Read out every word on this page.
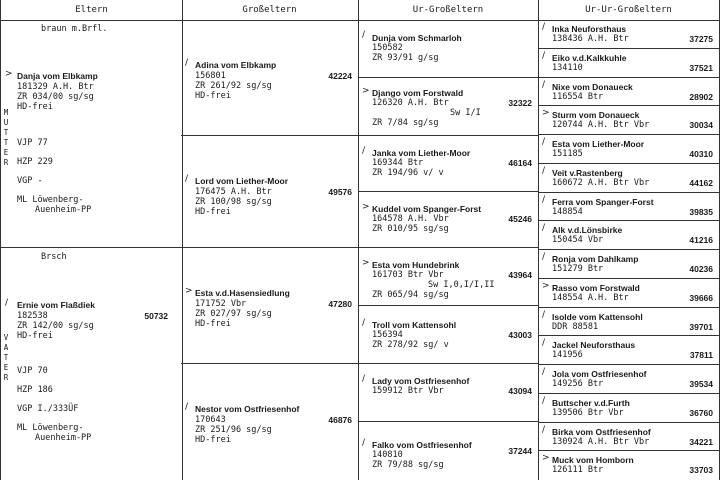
Eltern
M
U
T
T
E
R
braun m.Brfl.
> Danja vom Elbkamp
181329 A.H. Btr
ZR 034/00 sg/sg
HD-frei
VJP 77
HZP 229
VGP -
ML Löwenberg-
Auenheim-PP
V
A
T
E
R
Brsch
/ Ernie vom Flaßdiek
182538	50732
ZR 142/00 sg/sg
HD-frei
VJP 70
HZP 186
VGP I./333ÜF
ML Löwenberg-
Auenheim-PP
Großeltern
/ Adina vom Elbkamp
156801	42224
ZR 261/92 sg/sg
HD-frei
/ Lord vom Liether-Moor
176475 A.H. Btr	49576
ZR 100/98 sg/sg
HD-frei
> Esta v.d.Hasensiedlung
171752 Vbr	47280
ZR 027/97 sg/sg
HD-frei
/ Nestor vom Ostfriesenhof
170643	46876
ZR 251/96 sg/sg
HD-frei
Ur-Großeltern
/ Dunja vom Schmarloh
150582
ZR 93/91 g/sg
> Django vom Forstwald
126320 A.H. Btr	32322
Sw I/I
ZR 7/84 sg/sg
/ Janka vom Liether-Moor
169344 Btr	46164
ZR 194/96 v/ v
> Kuddel vom Spanger-Forst
164578 A.H. Vbr	45246
ZR 010/95 sg/sg
> Esta vom Hundebrink
161703 Btr Vbr	43964
Sw I,0,I/I,II
ZR 065/94 sg/sg
/ Troll vom Kattensohl
156394	43003
ZR 278/92 sg/ v
/ Lady vom Ostfriesenhof
159912 Btr Vbr	43094
/ Falko vom Ostfriesenhof
140810	37244
ZR 79/88 sg/sg
Ur-Ur-Großeltern
/ Inka Neuforsthaus
138436 A.H. Btr	37275
/ Eiko v.d.Kalkkuhle
134110	37521
/ Nixe vom Donaueck
116554 Btr	28902
> Sturm vom Donaueck
120744 A.H. Btr Vbr	30034
/ Esta vom Liether-Moor
151185	40310
/ Veit v.Rastenberg
160672 A.H. Btr Vbr	44162
/ Ferra vom Spanger-Forst
148854	39835
/ Alk v.d.Lönsbirke
150454 Vbr	41216
/ Ronja vom Dahlkamp
151279 Btr	40236
> Rasso vom Forstwald
148554 A.H. Btr	39666
/ Isolde vom Kattensohl
DDR 88581	39701
/ Jackel Neuforsthaus
141956	37811
/ Jola vom Ostfriesenhof
149256 Btr	39534
/ Buttscher v.d.Furth
139506 Btr Vbr	36760
/ Birka vom Ostfriesenhof
130924 A.H. Btr Vbr	34221
> Muck vom Homborn
126111 Btr	33703
